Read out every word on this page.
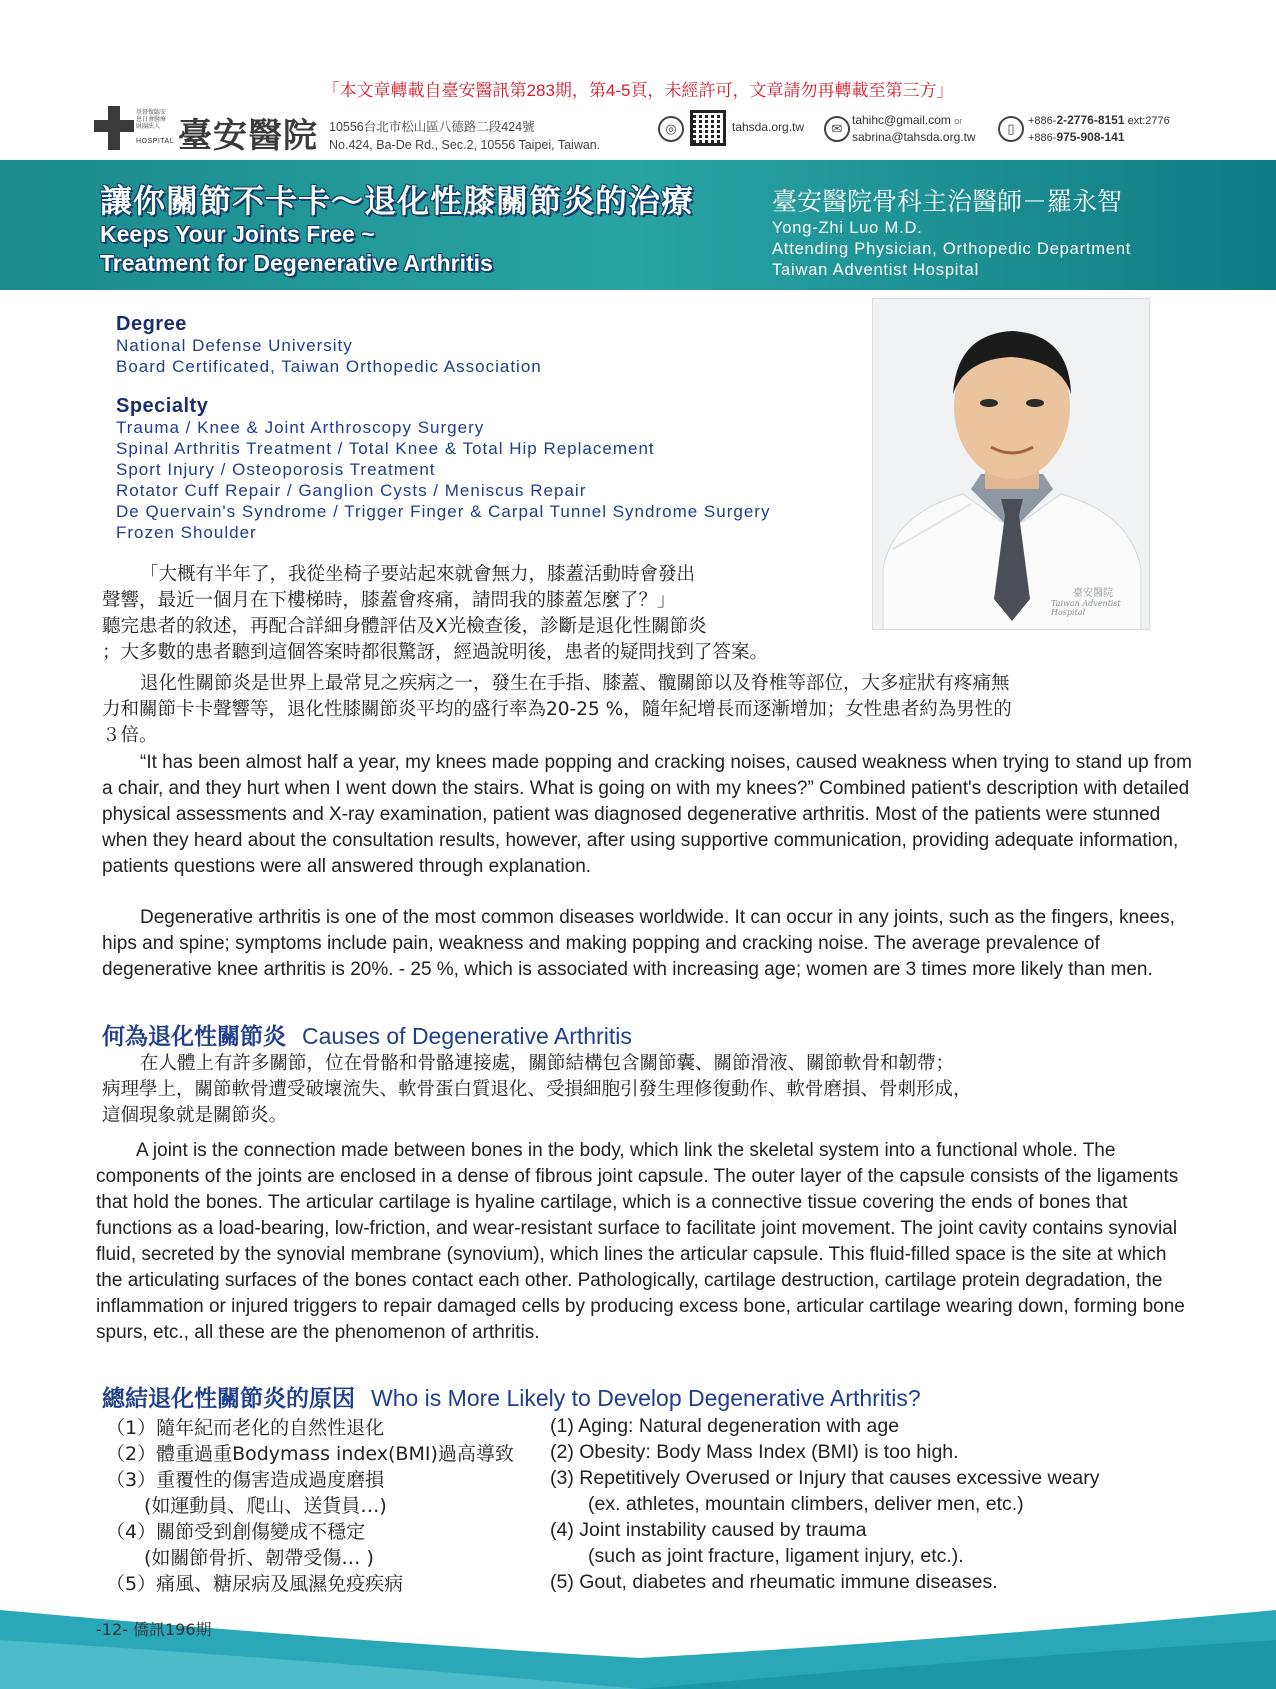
「本文章轉載自臺安醫訊第283期，第4-5頁，未經許可，文章請勿再轉載至第三方」
基督復臨安息日會醫療財團法人
HOSPITAL 臺安醫院 10556台北市松山區八德路二段424號
No.424, Ba-De Rd., Sec.2, 10556 Taipei, Taiwan.
◎	tahsda.org.tw	✉
tahihc@gmail.com or
sabrina@tahsda.org.tw
▯	+886-2-2776-8151 ext:2776
+886-975-908-141
讓你關節不卡卡～退化性膝關節炎的治療
Keeps Your Joints Free ~
Treatment for Degenerative Arthritis
臺安醫院骨科主治醫師－羅永智
Yong-Zhi Luo M.D.
Attending Physician, Orthopedic Department
Taiwan Adventist Hospital
Degree
National Defense University
Board Certificated, Taiwan Orthopedic Association
Specialty
Trauma / Knee & Joint Arthroscopy Surgery
Spinal Arthritis Treatment / Total Knee & Total Hip Replacement
Sport Injury / Osteoporosis Treatment
Rotator Cuff Repair / Ganglion Cysts / Meniscus Repair
De Quervain's Syndrome / Trigger Finger & Carpal Tunnel Syndrome Surgery
Frozen Shoulder
臺安醫院
Taiwan Adventist Hospital
「大概有半年了，我從坐椅子要站起來就會無力，膝蓋活動時會發出
聲響，最近一個月在下樓梯時，膝蓋會疼痛，請問我的膝蓋怎麼了？」
聽完患者的敘述，再配合詳細身體評估及X光檢查後，診斷是退化性關節炎
；大多數的患者聽到這個答案時都很驚訝，經過說明後，患者的疑問找到了答案。
退化性關節炎是世界上最常見之疾病之一，發生在手指、膝蓋、髖關節以及脊椎等部位，大多症狀有疼痛無
力和關節卡卡聲響等，退化性膝關節炎平均的盛行率為20-25 %，隨年紀增長而逐漸增加；女性患者約為男性的
３倍。
“It has been almost half a year, my knees made popping and cracking noises, caused weakness when trying to stand up from a chair, and they hurt when I went down the stairs. What is going on with my knees?” Combined patient's description with detailed physical assessments and X-ray examination, patient was diagnosed degenerative arthritis. Most of the patients were stunned when they heard about the consultation results, however, after using supportive communication, providing adequate information, patients questions were all answered through explanation.
Degenerative arthritis is one of the most common diseases worldwide. It can occur in any joints, such as the fingers, knees, hips and spine; symptoms include pain, weakness and making popping and cracking noise. The average prevalence of degenerative knee arthritis is 20%. - 25 %, which is associated with increasing age; women are 3 times more likely than men.
何為退化性關節炎 Causes of Degenerative Arthritis
在人體上有許多關節，位在骨骼和骨骼連接處，關節結構包含關節囊、關節滑液、關節軟骨和韌帶；
病理學上，關節軟骨遭受破壞流失、軟骨蛋白質退化、受損細胞引發生理修復動作、軟骨磨損、骨刺形成，
這個現象就是關節炎。
A joint is the connection made between bones in the body, which link the skeletal system into a functional whole. The components of the joints are enclosed in a dense of fibrous joint capsule. The outer layer of the capsule consists of the ligaments that hold the bones. The articular cartilage is hyaline cartilage, which is a connective tissue covering the ends of bones that functions as a load-bearing, low-friction, and wear-resistant surface to facilitate joint movement. The joint cavity contains synovial fluid, secreted by the synovial membrane (synovium), which lines the articular capsule. This fluid-filled space is the site at which the articulating surfaces of the bones contact each other. Pathologically, cartilage destruction, cartilage protein degradation, the inflammation or injured triggers to repair damaged cells by producing excess bone, articular cartilage wearing down, forming bone spurs, etc., all these are the phenomenon of arthritis.
總結退化性關節炎的原因 Who is More Likely to Develop Degenerative Arthritis?
（1）隨年紀而老化的自然性退化
（2）體重過重Bodymass index(BMI)過高導致
（3）重覆性的傷害造成過度磨損
(如運動員、爬山、送貨員…)
（4）關節受到創傷變成不穩定
(如關節骨折、韌帶受傷… )
（5）痛風、糖尿病及風濕免疫疾病
(1) Aging: Natural degeneration with age
(2) Obesity: Body Mass Index (BMI) is too high.
(3) Repetitively Overused or Injury that causes excessive weary
(ex. athletes, mountain climbers, deliver men, etc.)
(4) Joint instability caused by trauma
(such as joint fracture, ligament injury, etc.).
(5) Gout, diabetes and rheumatic immune diseases.
-12- 僑訊196期
